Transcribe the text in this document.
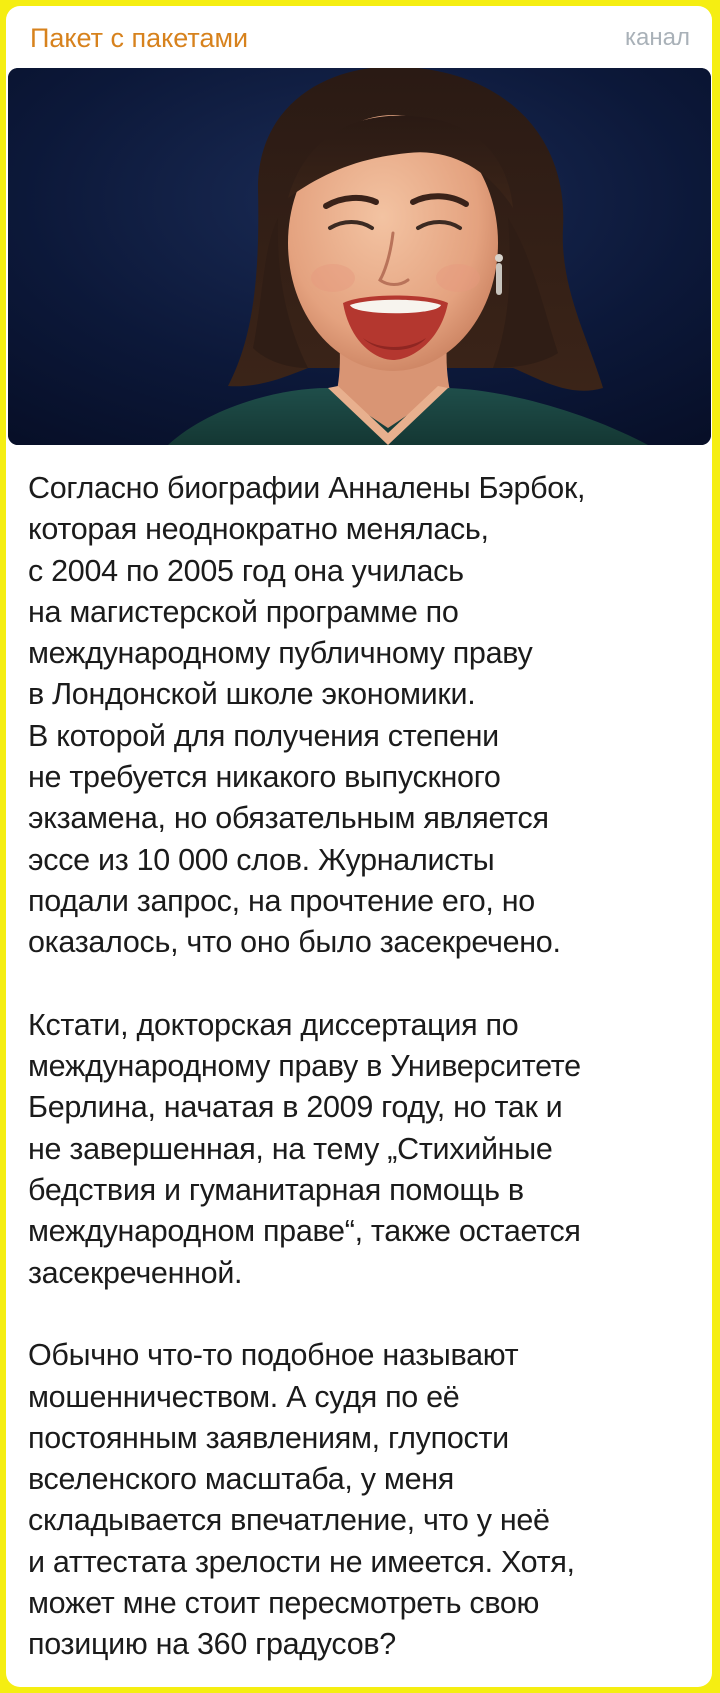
Пакет с пакетами	канал
Согласно биографии Анналены Бэрбок,
которая неоднократно менялась,
с 2004 по 2005 год она училась
на магистерской программе по
международному публичному праву
в Лондонской школе экономики.
В которой для получения степени
не требуется никакого выпускного
экзамена, но обязательным является
эссе из 10 000 слов. Журналисты
подали запрос, на прочтение его, но
оказалось, что оно было засекречено.
Кстати, докторская диссертация по
международному праву в Университете
Берлина, начатая в 2009 году, но так и
не завершенная, на тему „Стихийные
бедствия и гуманитарная помощь в
международном праве“, также остается
засекреченной.
Обычно что-то подобное называют
мошенничеством. А судя по её
постоянным заявлениям, глупости
вселенского масштаба, у меня
складывается впечатление, что у неё
и аттестата зрелости не имеется. Хотя,
может мне стоит пересмотреть свою
позицию на 360 градусов?
